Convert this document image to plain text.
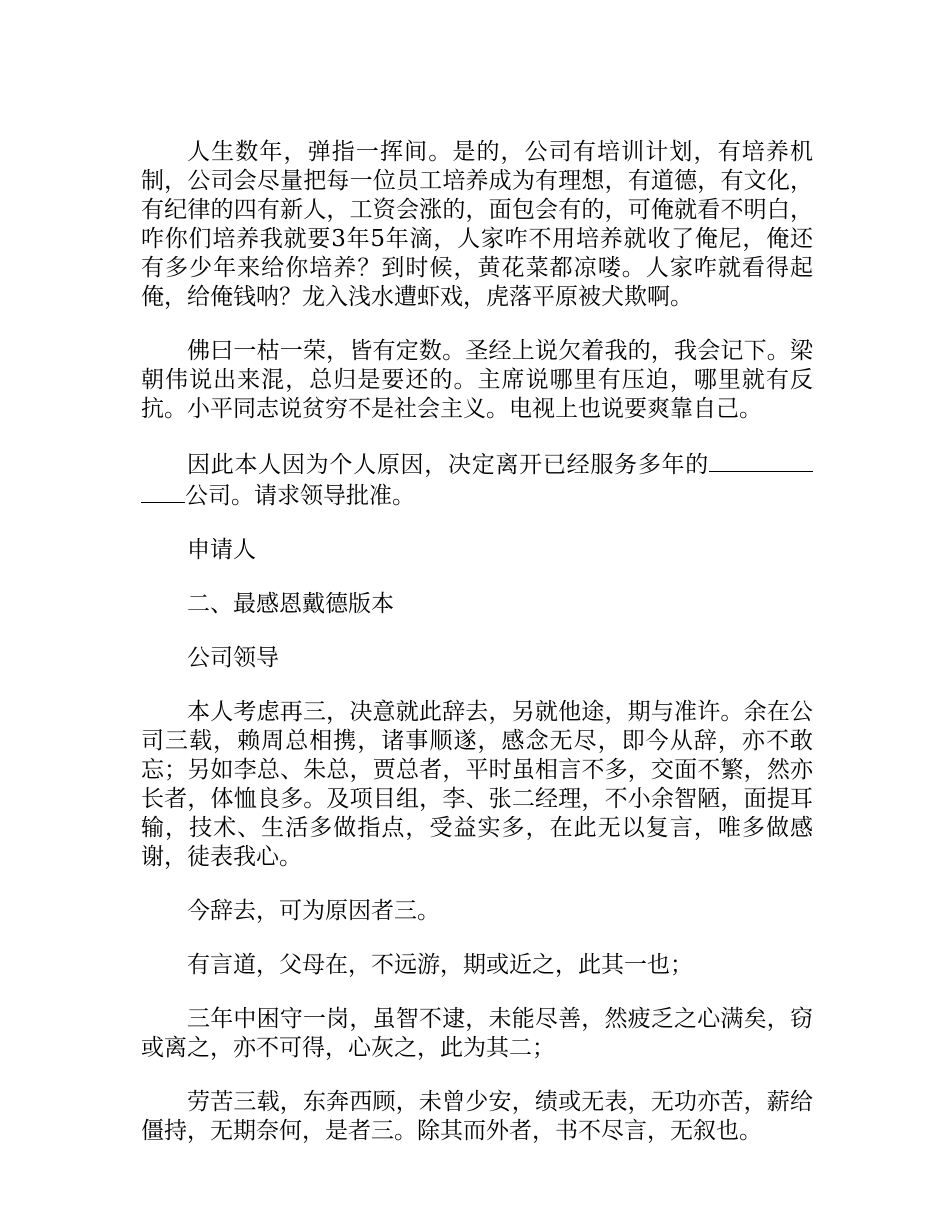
人生数年，弹指一挥间。是的，公司有培训计划，有培养机制，公司会尽量把每一位员工培养成为有理想，有道德，有文化，有纪律的四有新人，工资会涨的，面包会有的，可俺就看不明白，咋你们培养我就要3年5年滴，人家咋不用培养就收了俺尼，俺还有多少年来给你培养？到时候，黄花菜都凉喽。人家咋就看得起俺，给俺钱呐？龙入浅水遭虾戏，虎落平原被犬欺啊。

佛曰一枯一荣，皆有定数。圣经上说欠着我的，我会记下。梁朝伟说出来混，总归是要还的。主席说哪里有压迫，哪里就有反抗。小平同志说贫穷不是社会主义。电视上也说要爽靠自己。

因此本人因为个人原因，决定离开已经服务多年的公司。请求领导批准。

申请人

二、最感恩戴德版本

公司领导

本人考虑再三，决意就此辞去，另就他途，期与准许。余在公司三载，赖周总相携，诸事顺遂，感念无尽，即今从辞，亦不敢忘；另如李总、朱总，贾总者，平时虽相言不多，交面不繁，然亦长者，体恤良多。及项目组，李、张二经理，不小余智陋，面提耳输，技术、生活多做指点，受益实多，在此无以复言，唯多做感谢，徒表我心。

今辞去，可为原因者三。

有言道，父母在，不远游，期或近之，此其一也；

三年中困守一岗，虽智不逮，未能尽善，然疲乏之心满矣，窃或离之，亦不可得，心灰之，此为其二；

劳苦三载，东奔西顾，未曾少安，绩或无表，无功亦苦，薪给僵持，无期奈何，是者三。除其而外者，书不尽言，无叙也。
